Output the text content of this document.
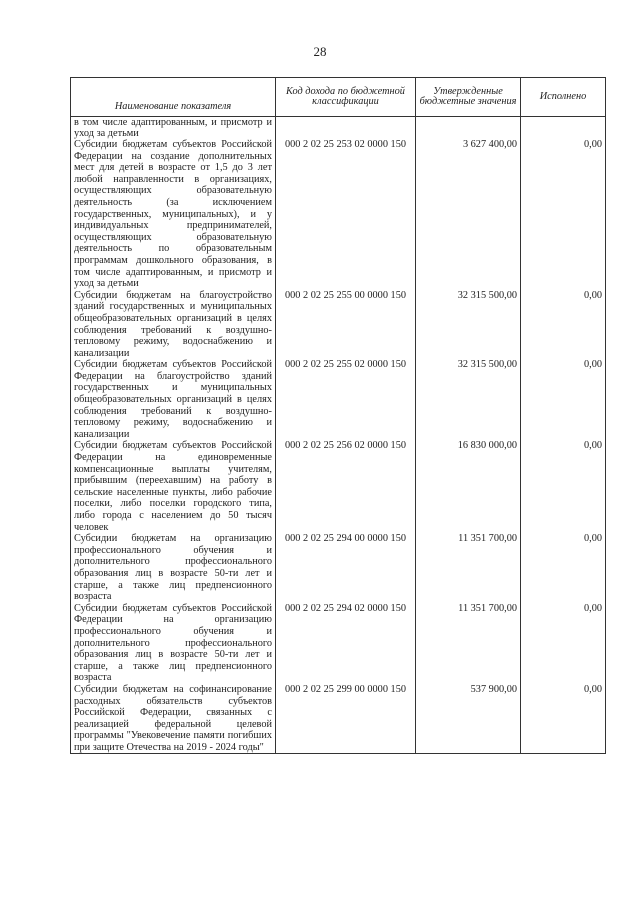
28
Наименование показателя	Код дохода по бюджетной классификации	Утвержденные бюджетные значения	Исполнено
в том числе адаптированным, и присмотр и уход за детьми			
Субсидии бюджетам субъектов Российской Федерации на создание дополнительных мест для детей в возрасте от 1,5 до 3 лет любой направленности в организациях, осуществляющих образовательную деятельность (за исключением государственных, муниципальных), и у индивидуальных предпринимателей, осуществляющих образовательную деятельность по образовательным программам дошкольного образования, в том числе адаптированным, и присмотр и уход за детьми	000 2 02 25 253 02 0000 150	3 627 400,00	0,00
Субсидии бюджетам на благоустройство зданий государственных и муниципальных общеобразовательных организаций в целях соблюдения требований к воздушно-тепловому режиму, водоснабжению и канализации	000 2 02 25 255 00 0000 150	32 315 500,00	0,00
Субсидии бюджетам субъектов Российской Федерации на благоустройство зданий государственных и муниципальных общеобразовательных организаций в целях соблюдения требований к воздушно-тепловому режиму, водоснабжению и канализации	000 2 02 25 255 02 0000 150	32 315 500,00	0,00
Субсидии бюджетам субъектов Российской Федерации на единовременные компенсационные выплаты учителям, прибывшим (переехавшим) на работу в сельские населенные пункты, либо рабочие поселки, либо поселки городского типа, либо города с населением до 50 тысяч человек	000 2 02 25 256 02 0000 150	16 830 000,00	0,00
Субсидии бюджетам на организацию профессионального обучения и дополнительного профессионального образования лиц в возрасте 50-ти лет и старше, а также лиц предпенсионного возраста	000 2 02 25 294 00 0000 150	11 351 700,00	0,00
Субсидии бюджетам субъектов Российской Федерации на организацию профессионального обучения и дополнительного профессионального образования лиц в возрасте 50-ти лет и старше, а также лиц предпенсионного возраста	000 2 02 25 294 02 0000 150	11 351 700,00	0,00
Субсидии бюджетам на софинансирование расходных обязательств субъектов Российской Федерации, связанных с реализацией федеральной целевой программы "Увековечение памяти погибших при защите Отечества на 2019 - 2024 годы"	000 2 02 25 299 00 0000 150	537 900,00	0,00
